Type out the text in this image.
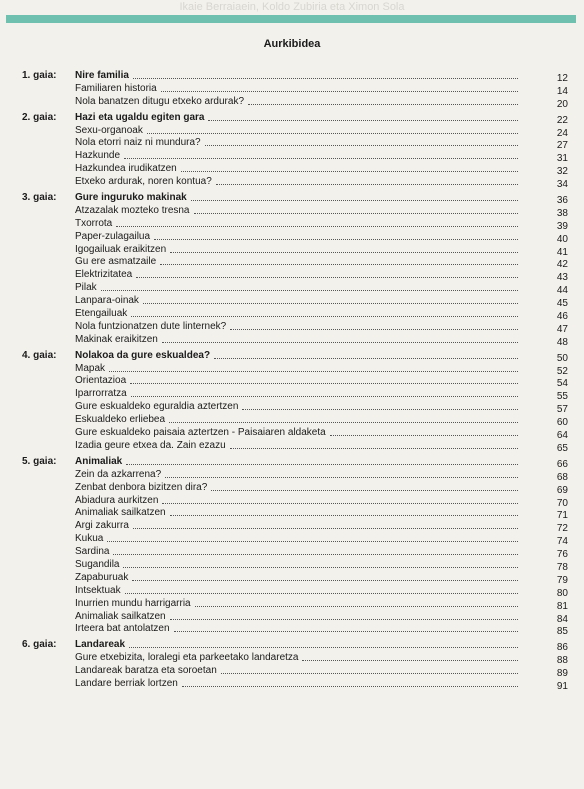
Ikaie Berraiaein, Koldo Zubiria eta Ximon Sola
Aurkibidea
1. gaia:	Nire familia	12
Familiaren historia	14
Nola banatzen ditugu etxeko ardurak?	20
2. gaia:	Hazi eta ugaldu egiten gara	22
Sexu-organoak	24
Nola etorri naiz ni mundura?	27
Hazkunde	31
Hazkundea irudikatzen	32
Etxeko ardurak, noren kontua?	34
3. gaia:	Gure inguruko makinak	36
Atzazalak mozteko tresna	38
Txorrota	39
Paper-zulagailua	40
Igogailuak eraikitzen	41
Gu ere asmatzaile	42
Elektrizitatea	43
Pilak	44
Lanpara-oinak	45
Etengailuak	46
Nola funtzionatzen dute linternek?	47
Makinak eraikitzen	48
4. gaia:	Nolakoa da gure eskualdea?	50
Mapak	52
Orientazioa	54
Iparrorratza	55
Gure eskualdeko eguraldia aztertzen	57
Eskualdeko erliebea	60
Gure eskualdeko paisaia aztertzen - Paisaiaren aldaketa	64
Izadia geure etxea da. Zain ezazu	65
5. gaia:	Animaliak	66
Zein da azkarrena?	68
Zenbat denbora bizitzen dira?	69
Abiadura aurkitzen	70
Animaliak sailkatzen	71
Argi zakurra	72
Kukua	74
Sardina	76
Sugandila	78
Zapaburuak	79
Intsektuak	80
Inurrien mundu harrigarria	81
Animaliak sailkatzen	84
Irteera bat antolatzen	85
6. gaia:	Landareak	86
Gure etxebizita, loralegi eta parkeetako landaretza	88
Landareak baratza eta soroetan	89
Landare berriak lortzen	91
